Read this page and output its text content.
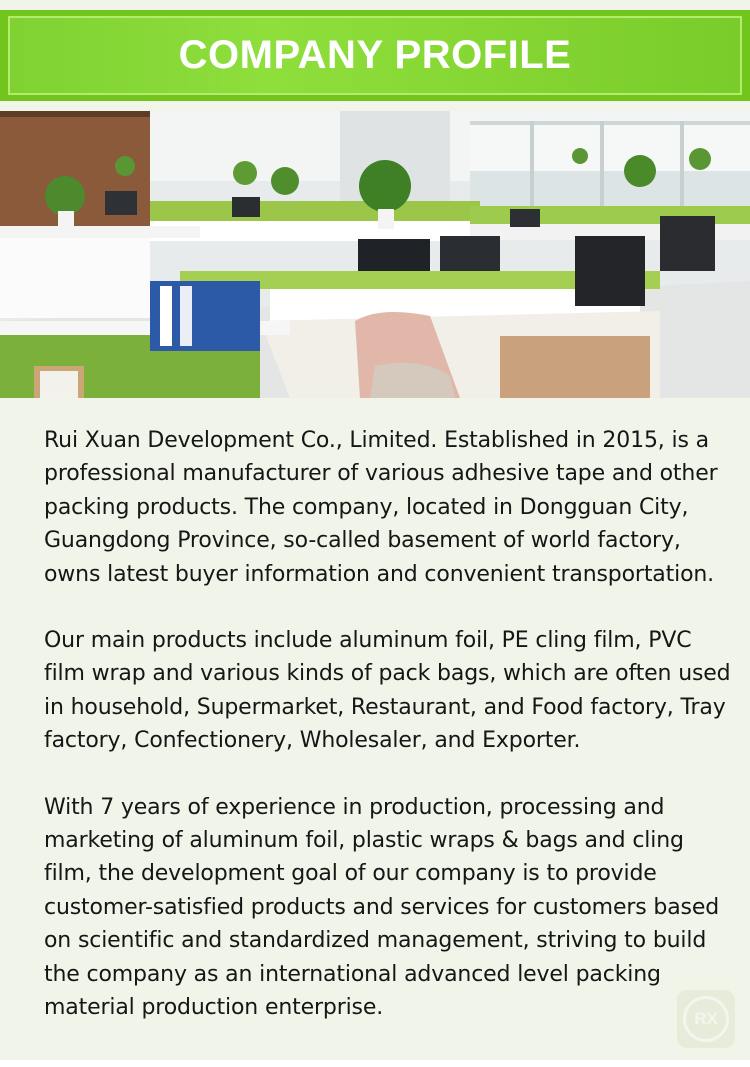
COMPANY PROFILE

Rui Xuan Development Co., Limited. Established in 2015, is a professional manufacturer of various adhesive tape and other packing products. The company, located in Dongguan City, Guangdong Province, so-called basement of world factory, owns latest buyer information and convenient transportation.

Our main products include aluminum foil, PE cling film, PVC film wrap and various kinds of pack bags, which are often used in household, Supermarket, Restaurant, and Food factory, Tray factory, Confectionery, Wholesaler, and Exporter.

With 7 years of experience in production, processing and marketing of aluminum foil, plastic wraps & bags and cling film, the development goal of our company is to provide customer-satisfied products and services for customers based on scientific and standardized management, striving to build the company as an international advanced level packing material production enterprise.	RX
